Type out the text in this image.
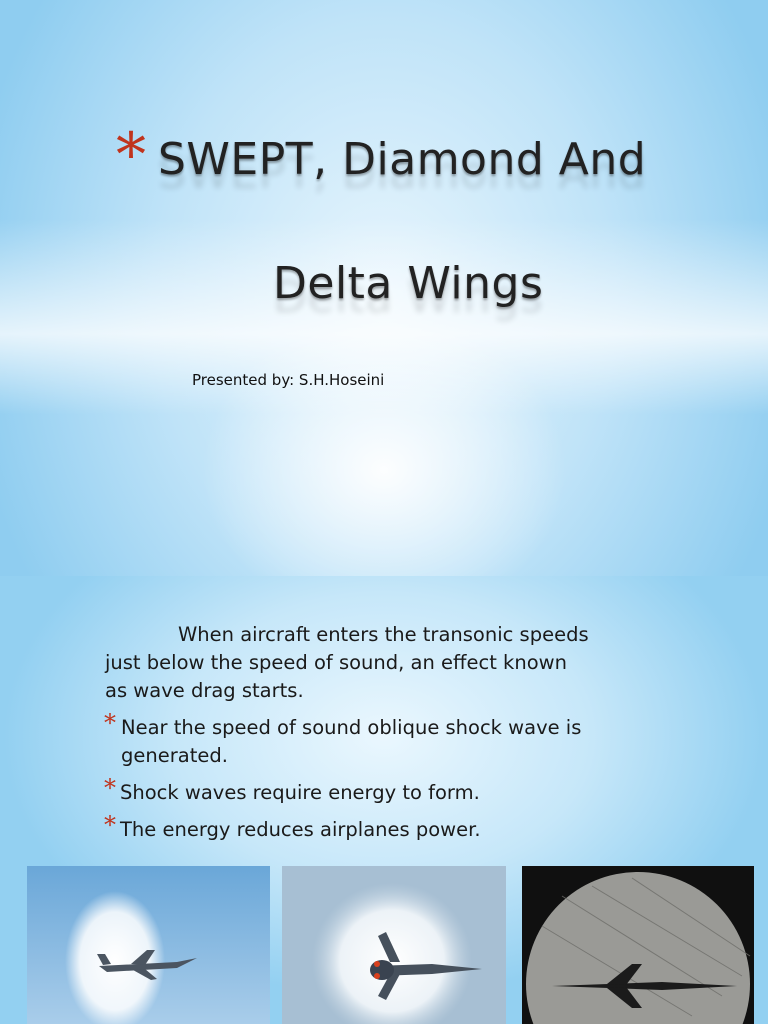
* SWEPT, Diamond And
Delta Wings
Presented by: S.H.Hoseini
When aircraft enters the transonic speeds
just below the speed of sound, an effect known
as wave drag starts.
* Near the speed of sound oblique shock wave is
generated.
* Shock waves require energy to form.
* The energy reduces airplanes power.
